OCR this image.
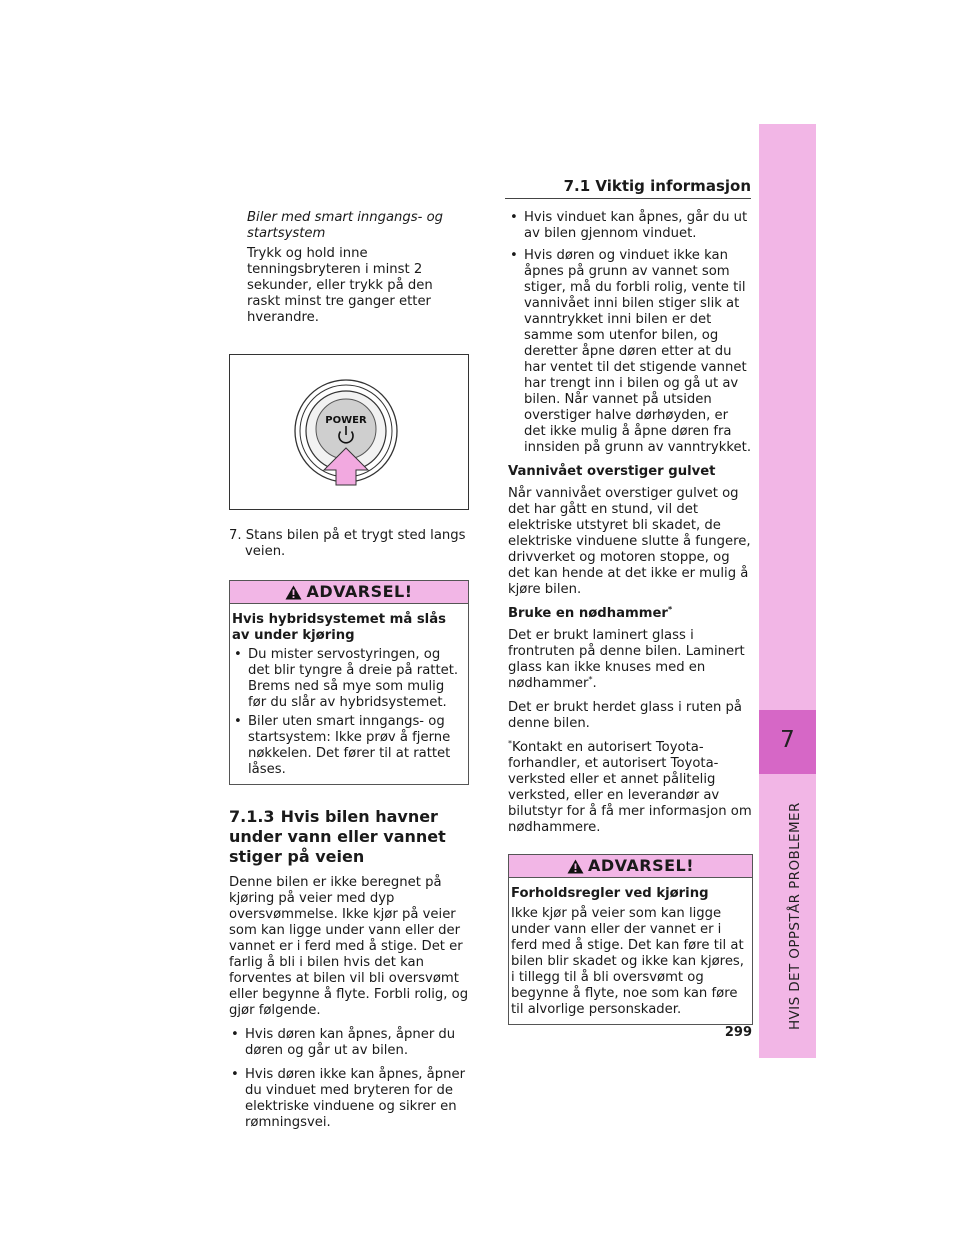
7.1 Viktig informasjon
7
HVIS DET OPPSTÅR PROBLEMER

Biler med smart inngangs- og startsystem

Trykk og hold inne tenningsbryteren i minst 2 sekunder, eller trykk på den raskt minst tre ganger etter hverandre.

POWER

7. Stans bilen på et trygt sted langs veien.

ADVARSEL!

Hvis hybridsystemet må slås av under kjøring

• Du mister servostyringen, og det blir tyngre å dreie på rattet. Brems ned så mye som mulig før du slår av hybridsystemet.

• Biler uten smart inngangs- og startsystem: Ikke prøv å fjerne nøkkelen. Det fører til at rattet låses.

7.1.3 Hvis bilen havner under vann eller vannet stiger på veien

Denne bilen er ikke beregnet på kjøring på veier med dyp oversvømmelse. Ikke kjør på veier som kan ligge under vann eller der vannet er i ferd med å stige. Det er farlig å bli i bilen hvis det kan forventes at bilen vil bli oversvømt eller begynne å flyte. Forbli rolig, og gjør følgende.

• Hvis døren kan åpnes, åpner du døren og går ut av bilen.

• Hvis døren ikke kan åpnes, åpner du vinduet med bryteren for de elektriske vinduene og sikrer en rømningsvei.

• Hvis vinduet kan åpnes, går du ut av bilen gjennom vinduet.

• Hvis døren og vinduet ikke kan åpnes på grunn av vannet som stiger, må du forbli rolig, vente til vannivået inni bilen stiger slik at vanntrykket inni bilen er det samme som utenfor bilen, og deretter åpne døren etter at du har ventet til det stigende vannet har trengt inn i bilen og gå ut av bilen. Når vannet på utsiden overstiger halve dørhøyden, er det ikke mulig å åpne døren fra innsiden på grunn av vanntrykket.

Vannivået overstiger gulvet

Når vannivået overstiger gulvet og det har gått en stund, vil det elektriske utstyret bli skadet, de elektriske vinduene slutte å fungere, drivverket og motoren stoppe, og det kan hende at det ikke er mulig å kjøre bilen.

Bruke en nødhammer*

Det er brukt laminert glass i frontruten på denne bilen. Laminert glass kan ikke knuses med en nødhammer*.

Det er brukt herdet glass i ruten på denne bilen.

*Kontakt en autorisert Toyota-forhandler, et autorisert Toyota-verksted eller et annet pålitelig verksted, eller en leverandør av bilutstyr for å få mer informasjon om nødhammere.

ADVARSEL!

Forholdsregler ved kjøring

Ikke kjør på veier som kan ligge under vann eller der vannet er i ferd med å stige. Det kan føre til at bilen blir skadet og ikke kan kjøres, i tillegg til å bli oversvømt og begynne å flyte, noe som kan føre til alvorlige personskader.

299
